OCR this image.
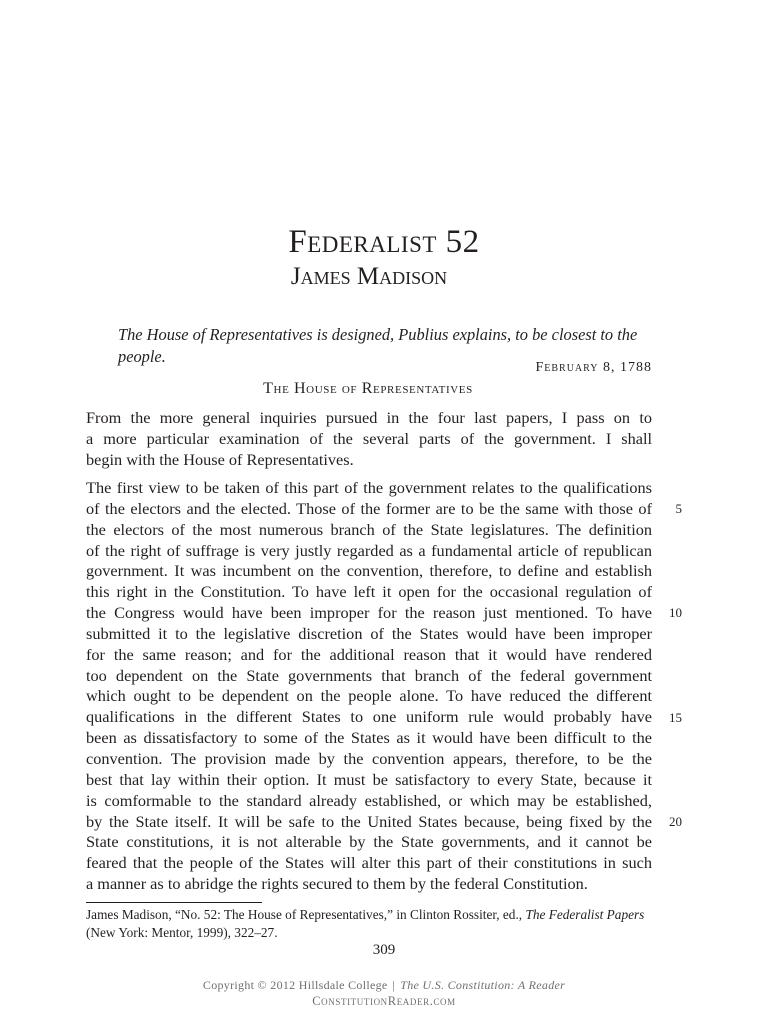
Federalist 52
James Madison

The House of Representatives is designed, Publius explains, to be closest to the people.

February 8, 1788

The House of Representatives
From the more general inquiries pursued in the four last papers, I pass on to
a more particular examination of the several parts of the government. I shall
begin with the House of Representatives.
The first view to be taken of this part of the government relates to the qualifications
of the electors and the elected. Those of the former are to be the same with those of
the electors of the most numerous branch of the State legislatures. The definition
of the right of suffrage is very justly regarded as a fundamental article of republican
government. It was incumbent on the convention, therefore, to define and establish
this right in the Constitution. To have left it open for the occasional regulation of
the Congress would have been improper for the reason just mentioned. To have
submitted it to the legislative discretion of the States would have been improper
for the same reason; and for the additional reason that it would have rendered
too dependent on the State governments that branch of the federal government
which ought to be dependent on the people alone. To have reduced the different
qualifications in the different States to one uniform rule would probably have
been as dissatisfactory to some of the States as it would have been difficult to the
convention. The provision made by the convention appears, therefore, to be the
best that lay within their option. It must be satisfactory to every State, because it
is comformable to the standard already established, or which may be established,
by the State itself. It will be safe to the United States because, being fixed by the
State constitutions, it is not alterable by the State governments, and it cannot be
feared that the people of the States will alter this part of their constitutions in such
a manner as to abridge the rights secured to them by the federal Constitution.
5
10
15
20

James Madison, “No. 52: The House of Representatives,” in Clinton Rossiter, ed., The Federalist Papers (New York: Mentor, 1999), 322–27.

309

Copyright © 2012 Hillsdale College | The U.S. Constitution: A Reader

ConstitutionReader.com
